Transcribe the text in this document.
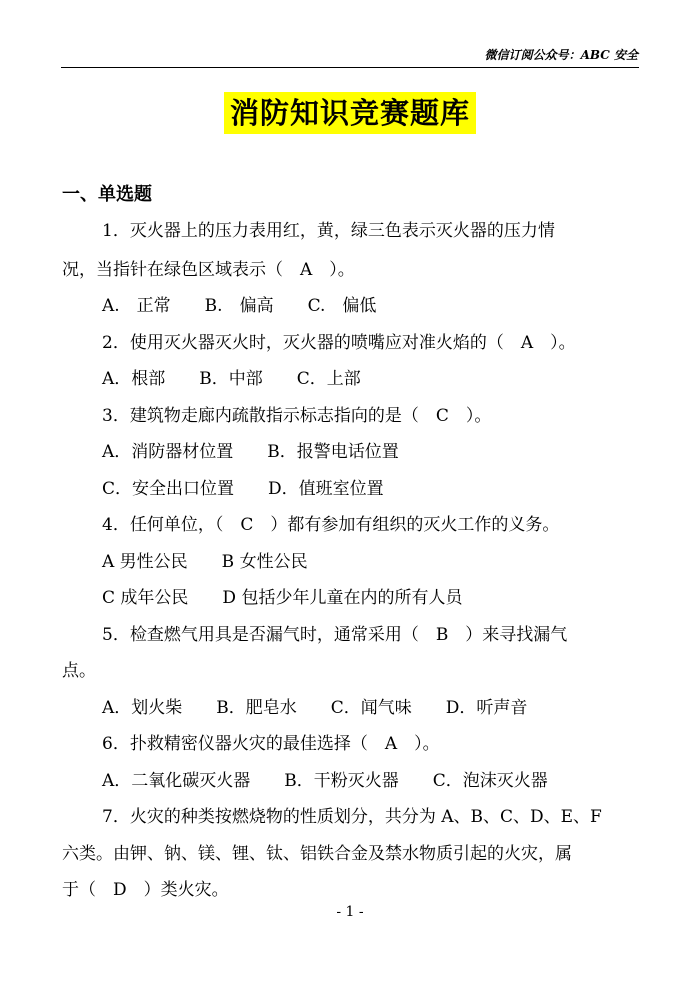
微信订阅公众号：ABC 安全
消防知识竞赛题库
一、单选题
1．灭火器上的压力表用红，黄，绿三色表示灭火器的压力情
况，当指针在绿色区域表示（　A　）。
A.　正常　　B.　偏高　　C.　偏低
2．使用灭火器灭火时，灭火器的喷嘴应对准火焰的（　A　）。
A．根部　　B．中部　　C．上部
3．建筑物走廊内疏散指示标志指向的是（　C　）。
A．消防器材位置　　B．报警电话位置
C．安全出口位置　　D．值班室位置
4．任何单位，（　C　）都有参加有组织的灭火工作的义务。
A 男性公民　　B 女性公民
C 成年公民　　D 包括少年儿童在内的所有人员
5．检查燃气用具是否漏气时，通常采用（　B　）来寻找漏气
点。
A．划火柴　　B．肥皂水　　C．闻气味　　D．听声音
6．扑救精密仪器火灾的最佳选择（　A　）。
A．二氧化碳灭火器　　B．干粉灭火器　　C．泡沫灭火器
7．火灾的种类按燃烧物的性质划分，共分为 A、B、C、D、E、F
六类。由钾、钠、镁、锂、钛、铝铁合金及禁水物质引起的火灾，属
于（　D　）类火灾。
- 1 -
